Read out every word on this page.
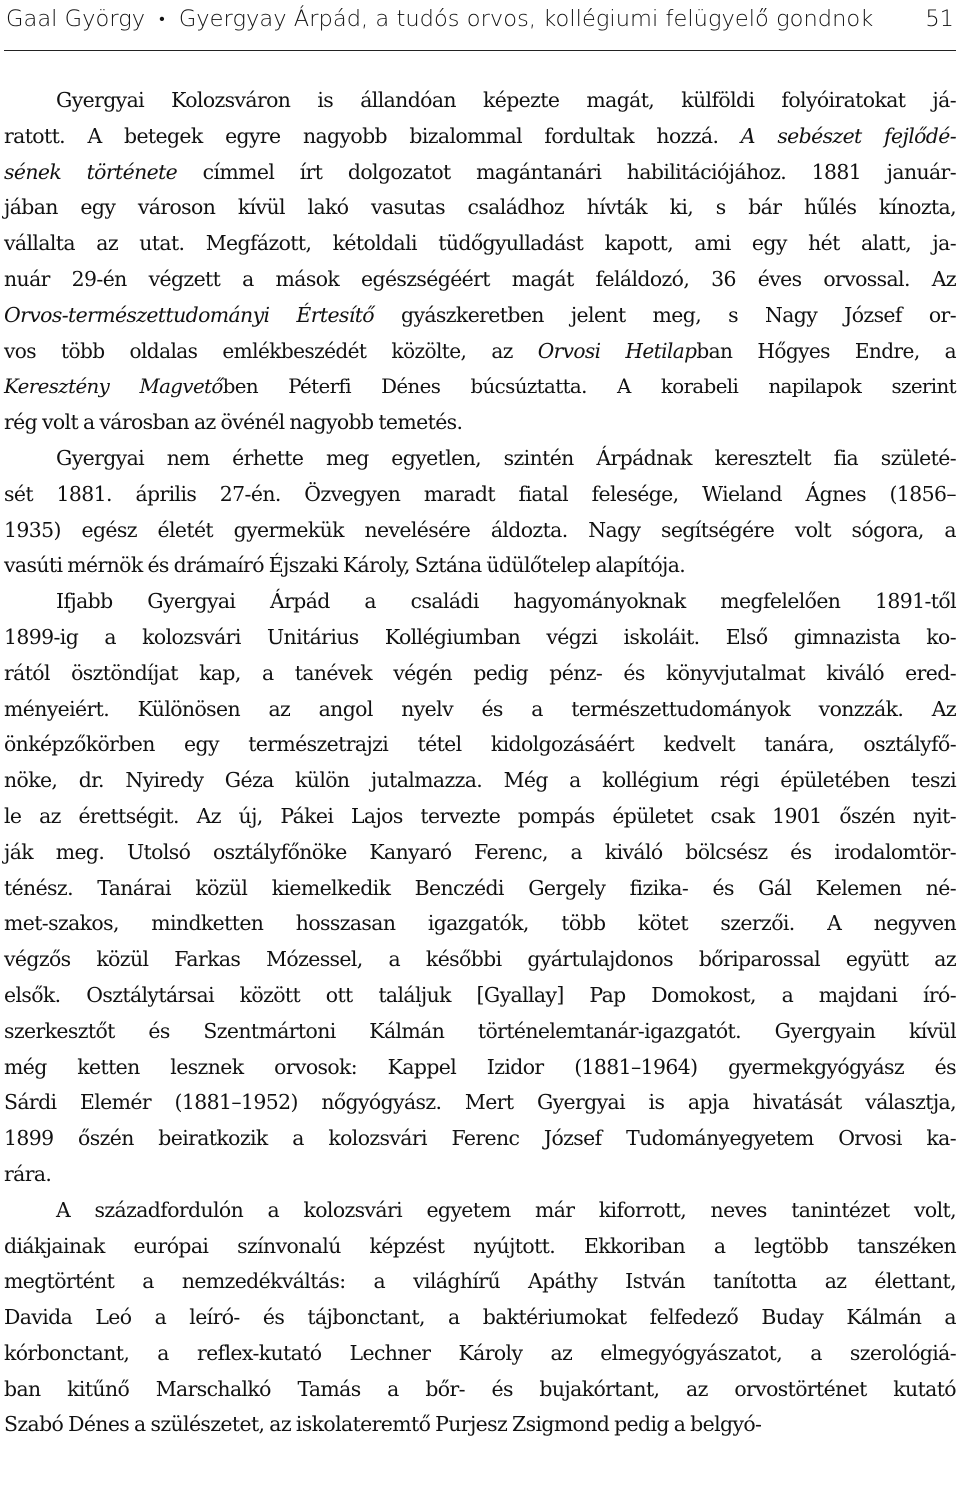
Gaal György • Gyergyay Árpád, a tudós orvos, kollégiumi felügyelő gondnok 51
Gyergyai Kolozsváron is állandóan képezte magát, külföldi folyóiratokat já-
ratott. A betegek egyre nagyobb bizalommal fordultak hozzá. A sebészet fejlődé-
sének története címmel írt dolgozatot magántanári habilitációjához. 1881 január-
jában egy városon kívül lakó vasutas családhoz hívták ki, s bár hűlés kínozta,
vállalta az utat. Megfázott, kétoldali tüdőgyulladást kapott, ami egy hét alatt, ja-
nuár 29-én végzett a mások egészségéért magát feláldozó, 36 éves orvossal. Az
Orvos-természettudományi Értesítő gyászkeretben jelent meg, s Nagy József or-
vos több oldalas emlékbeszédét közölte, az Orvosi Hetilapban Hőgyes Endre, a
Keresztény Magvetőben Péterfi Dénes búcsúztatta. A korabeli napilapok szerint
rég volt a városban az övénél nagyobb temetés.
Gyergyai nem érhette meg egyetlen, szintén Árpádnak keresztelt fia születé-
sét 1881. április 27-én. Özvegyen maradt fiatal felesége, Wieland Ágnes (1856–
1935) egész életét gyermekük nevelésére áldozta. Nagy segítségére volt sógora, a
vasúti mérnök és drámaíró Éjszaki Károly, Sztána üdülőtelep alapítója.
Ifjabb Gyergyai Árpád a családi hagyományoknak megfelelően 1891-től
1899-ig a kolozsvári Unitárius Kollégiumban végzi iskoláit. Első gimnazista ko-
rától ösztöndíjat kap, a tanévek végén pedig pénz- és könyvjutalmat kiváló ered-
ményeiért. Különösen az angol nyelv és a természettudományok vonzzák. Az
önképzőkörben egy természetrajzi tétel kidolgozásáért kedvelt tanára, osztályfő-
nöke, dr. Nyiredy Géza külön jutalmazza. Még a kollégium régi épületében teszi
le az érettségit. Az új, Pákei Lajos tervezte pompás épületet csak 1901 őszén nyit-
ják meg. Utolsó osztályfőnöke Kanyaró Ferenc, a kiváló bölcsész és irodalomtör-
ténész. Tanárai közül kiemelkedik Benczédi Gergely fizika- és Gál Kelemen né-
met-szakos, mindketten hosszasan igazgatók, több kötet szerzői. A negyven
végzős közül Farkas Mózessel, a későbbi gyártulajdonos bőriparossal együtt az
elsők. Osztálytársai között ott találjuk [Gyallay] Pap Domokost, a majdani író-
szerkesztőt és Szentmártoni Kálmán történelemtanár-igazgatót. Gyergyain kívül
még ketten lesznek orvosok: Kappel Izidor (1881–1964) gyermekgyógyász és
Sárdi Elemér (1881–1952) nőgyógyász. Mert Gyergyai is apja hivatását választja,
1899 őszén beiratkozik a kolozsvári Ferenc József Tudományegyetem Orvosi ka-
rára.
A századfordulón a kolozsvári egyetem már kiforrott, neves tanintézet volt,
diákjainak európai színvonalú képzést nyújtott. Ekkoriban a legtöbb tanszéken
megtörtént a nemzedékváltás: a világhírű Apáthy István tanította az élettant,
Davida Leó a leíró- és tájbonctant, a baktériumokat felfedező Buday Kálmán a
kórbonctant, a reflex-kutató Lechner Károly az elmegyógyászatot, a szerológiá-
ban kitűnő Marschalkó Tamás a bőr- és bujakórtant, az orvostörténet kutató
Szabó Dénes a szülészetet, az iskolateremtő Purjesz Zsigmond pedig a belgyó-
